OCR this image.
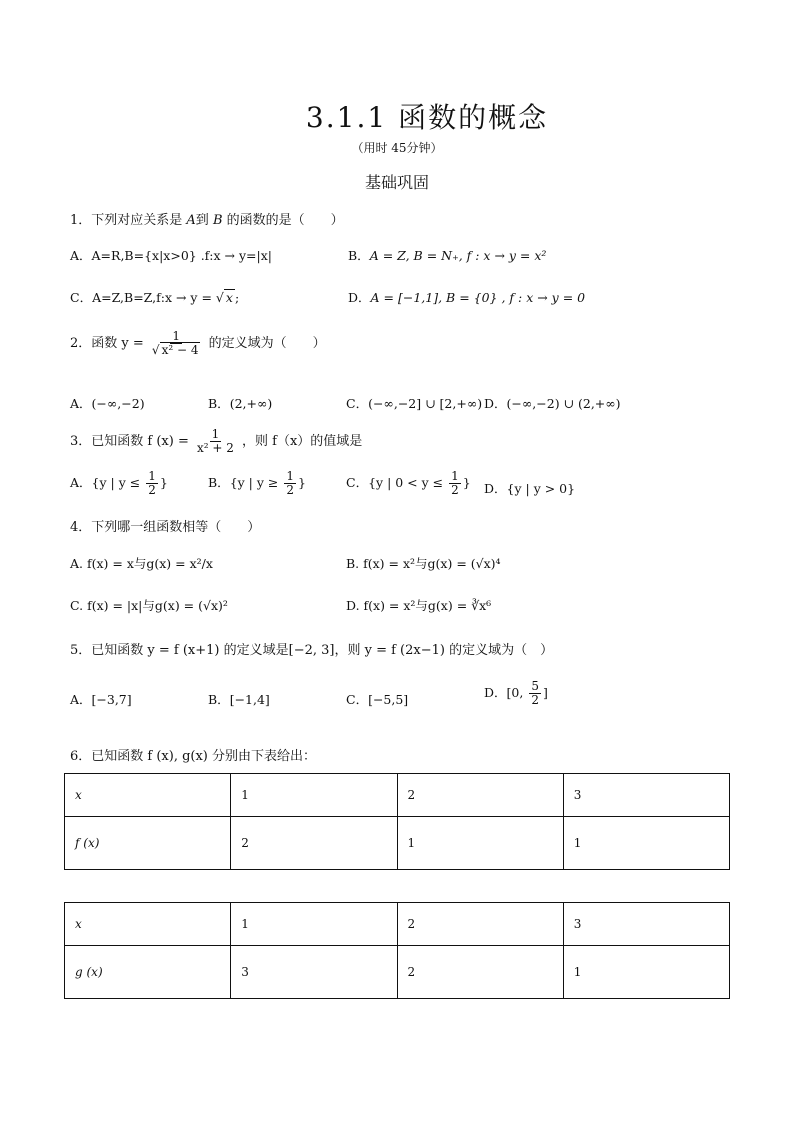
3.1.1 函数的概念
（用时 45分钟）
基础巩固
1．下列对应关系是 A到 B 的函数的是（　　）
A．A=R,B={x|x>0} .f:x → y=|x|	B．A = Z, B = N₊, f : x → y = x²
C．A=Z,B=Z,f:x → y = √ x ;	D．A = [−1,1], B = {0} , f : x → y = 0
2．函数 $y = \frac{1}{\text{√ x² − 4}}$ 的定义域为（　　）
A．(−∞,−2)	B．(2,+∞)	C．(−∞,−2] ∪ [2,+∞) D．(−∞,−2) ∪ (2,+∞)
3．已知函数 f $(x) = \frac{1}{\text{x² + 2}}$ ，则 f（x）的值域是
A．{y | $y \le \frac{1}{2}$ }	B．{y | $y \ge \frac{1}{2}$ }	C．{y | $0 < y \le \frac{1}{2}$ } D．{y | y > 0}
4．下列哪一组函数相等（　　）
A. f(x) = x与g(x) = x²/x	B. f(x) = x²与g(x) = (√x)⁴
C. f(x) = |x|与g(x) = (√x)²	D. f(x) = x²与g(x) = ∛x⁶
5．已知函数 y = f (x+1) 的定义域是[−2, 3]，则 y = f (2x−1) 的定义域为（　）
A．[−3,7]	B．[−1,4]	C．[−5,5]	D．[0, $\frac{5}{2}$ ]
6．已知函数 f (x), g(x) 分别由下表给出：
x	1	2	3
f (x)	2	1	1
x	1	2	3
g (x)	3	2	1
